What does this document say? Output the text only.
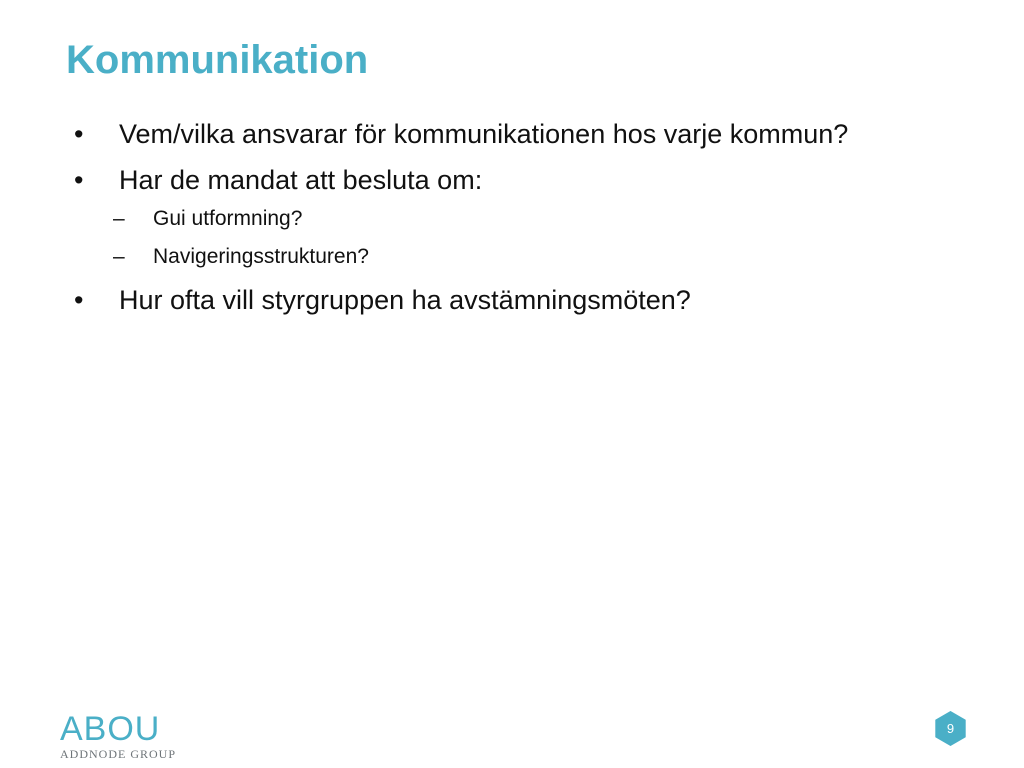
Kommunikation
• Vem/vilka ansvarar för kommunikationen hos varje kommun?
• Har de mandat att besluta om:
– Gui utformning?
– Navigeringsstrukturen?
• Hur ofta vill styrgruppen ha avstämningsmöten?
ABOU
ADDNODE GROUP
9
